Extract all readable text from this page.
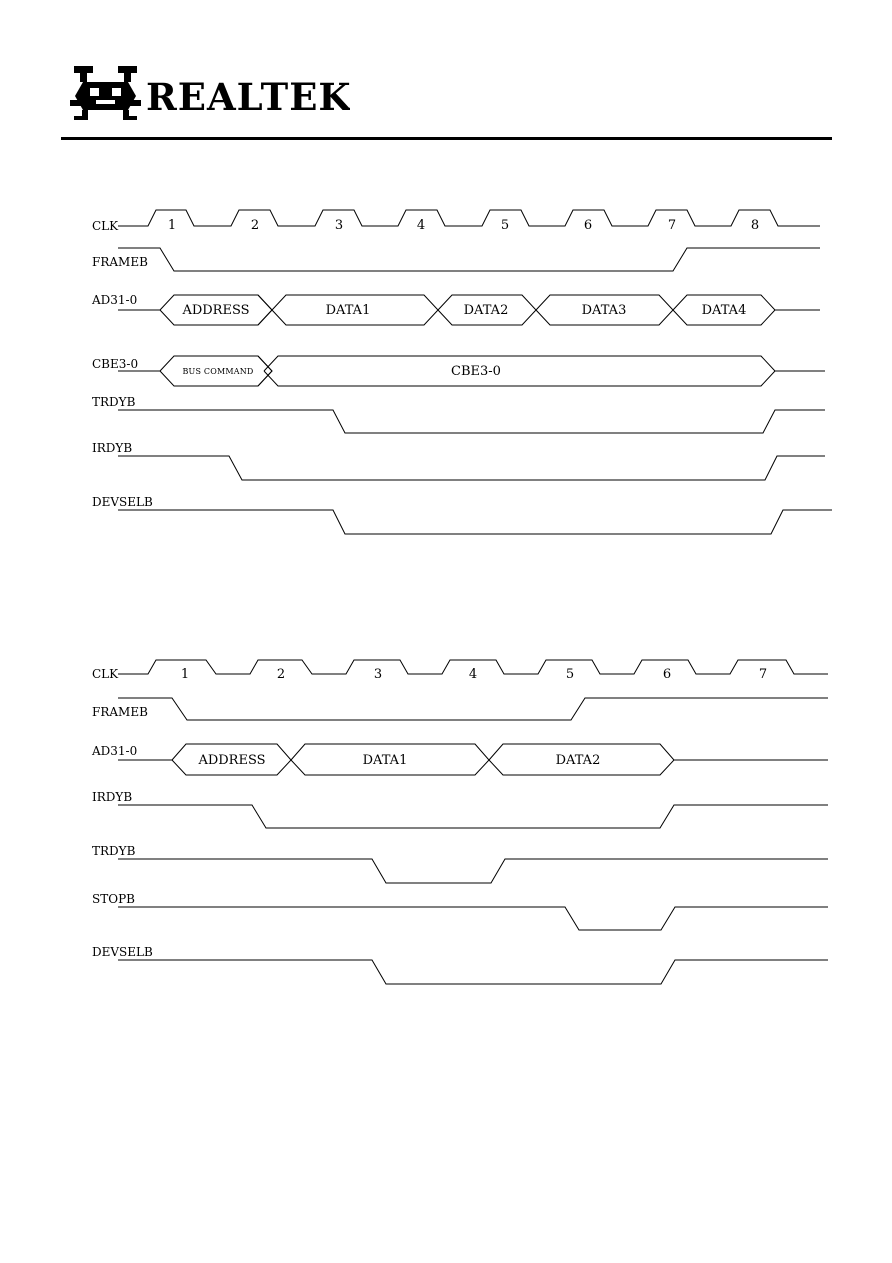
REALTEK
CLK
FRAMEB
AD31-0
CBE3-0
TRDYB
IRDYB
DEVSELB
1	2	3	4	5	6	7	8
ADDRESS	DATA1	DATA2	DATA3	DATA4
BUS COMMAND	CBE3-0
CLK
FRAMEB
AD31-0
IRDYB
TRDYB
STOPB
DEVSELB
1	2	3	4	5	6	7
ADDRESS	DATA1	DATA2
